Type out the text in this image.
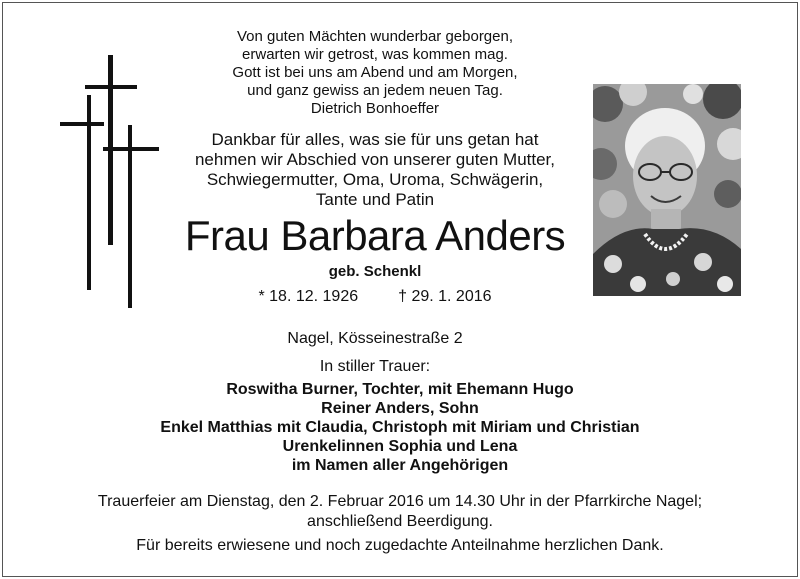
Von guten Mächten wunderbar geborgen,
erwarten wir getrost, was kommen mag.
Gott ist bei uns am Abend und am Morgen,
und ganz gewiss an jedem neuen Tag.
Dietrich Bonhoeffer
Dankbar für alles, was sie für uns getan hat
nehmen wir Abschied von unserer guten Mutter,
Schwiegermutter, Oma, Uroma, Schwägerin,
Tante und Patin
Frau Barbara Anders
geb. Schenkl
* 18. 12. 1926	† 29. 1. 2016
Nagel, Kösseinestraße 2
In stiller Trauer:
Roswitha Burner, Tochter, mit Ehemann Hugo
Reiner Anders, Sohn
Enkel Matthias mit Claudia, Christoph mit Miriam und Christian
Urenkelinnen Sophia und Lena
im Namen aller Angehörigen
Trauerfeier am Dienstag, den 2. Februar 2016 um 14.30 Uhr in der Pfarrkirche Nagel;
anschließend Beerdigung.
Für bereits erwiesene und noch zugedachte Anteilnahme herzlichen Dank.
